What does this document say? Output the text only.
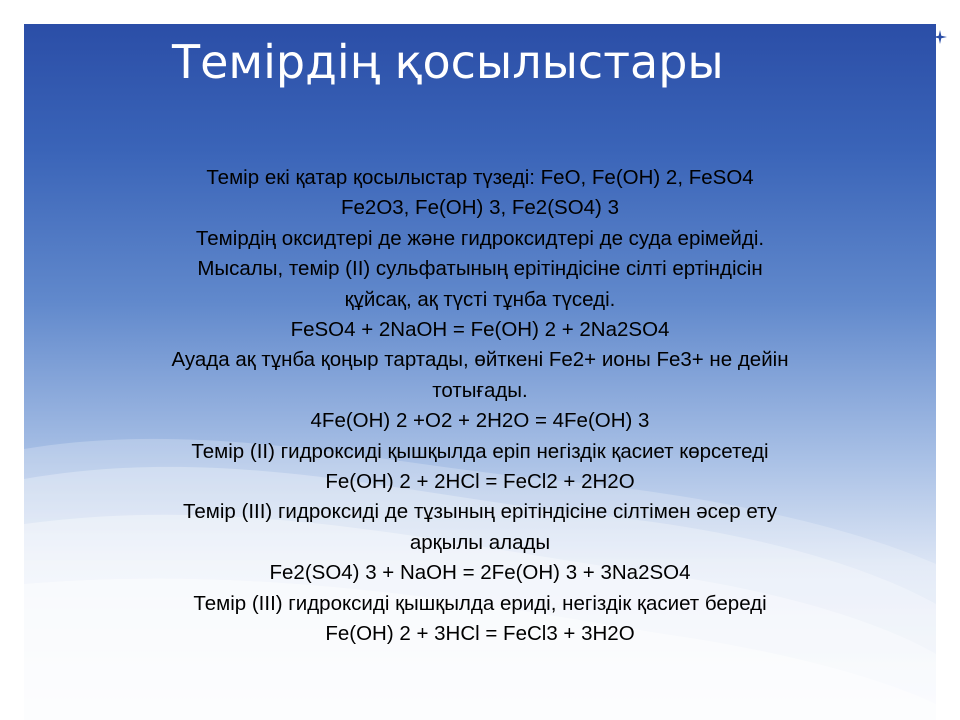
Темірдің қосылыстары
Темір екі қатар қосылыстар түзеді: FeO, Fe(OH) 2, FeSO4
Fe2O3, Fe(OH) 3, Fe2(SO4) 3
Темірдің оксидтері де және гидроксидтері де суда ерімейді.
Мысалы, темір (II) сульфатының ерітіндісіне сілті ертіндісін
құйсақ, ақ түсті тұнба түседі.
FeSO4 + 2NaOH = Fe(OH) 2 + 2Na2SO4
Ауада ақ тұнба қоңыр тартады, өйткені Fe2+ ионы Fe3+ не дейін
тотығады.
4Fe(OH) 2 +O2 + 2H2O = 4Fe(OH) 3
Темір (II) гидроксиді қышқылда еріп негіздік қасиет көрсетеді
Fe(OH) 2 + 2HCl = FeCl2 + 2H2O
Темір (III) гидроксиді де тұзының ерітіндісіне сілтімен әсер ету
арқылы алады
Fe2(SO4) 3 + NaOH = 2Fe(OH) 3 + 3Na2SO4
Темір (III) гидроксиді қышқылда ериді, негіздік қасиет береді
Fe(OH) 2 + 3HCl = FeCl3 + 3H2O
